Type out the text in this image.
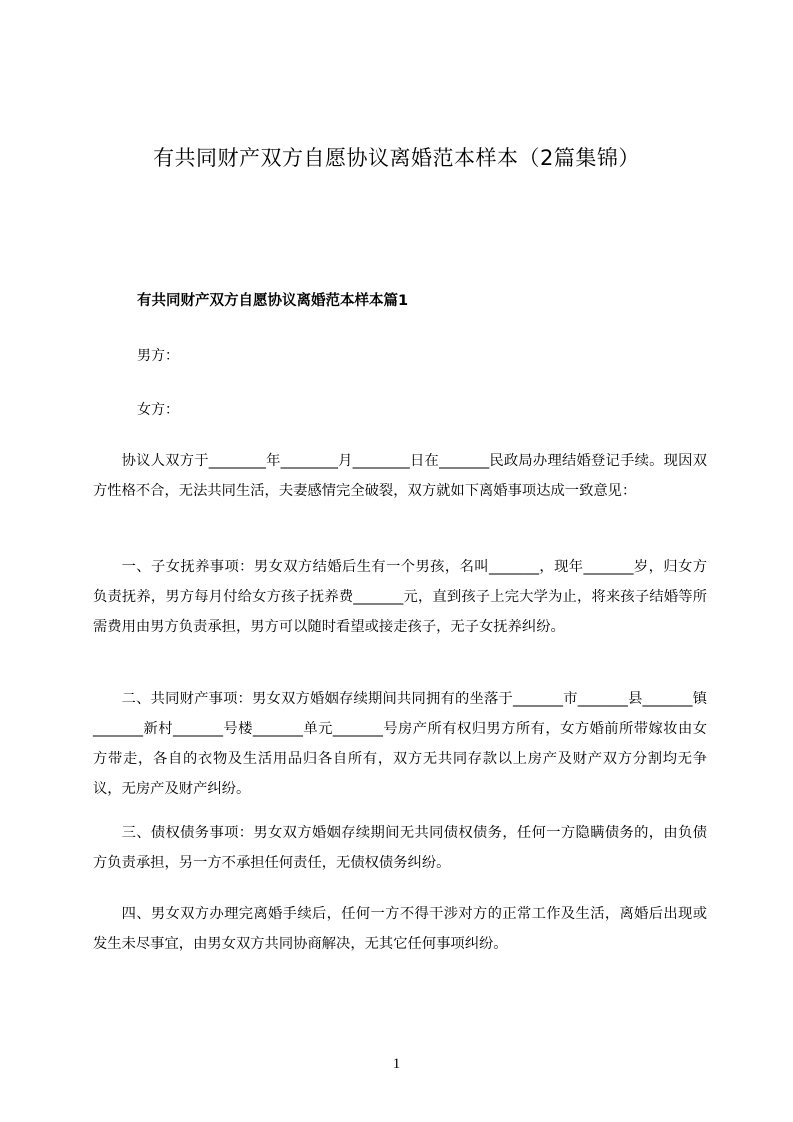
有共同财产双方自愿协议离婚范本样本（2篇集锦）
有共同财产双方自愿协议离婚范本样本篇1
男方：
女方：

协议人双方于________年________月________日在_______民政局办理结婚登记手续。现因双方性格不合，无法共同生活，夫妻感情完全破裂，双方就如下离婚事项达成一致意见：

一、子女抚养事项：男女双方结婚后生有一个男孩，名叫_______，现年_______岁，归女方负责抚养，男方每月付给女方孩子抚养费_______元，直到孩子上完大学为止，将来孩子结婚等所需费用由男方负责承担，男方可以随时看望或接走孩子，无子女抚养纠纷。

二、共同财产事项：男女双方婚姻存续期间共同拥有的坐落于_______市_______县_______镇_______新村_______号楼_______单元_______号房产所有权归男方所有，女方婚前所带嫁妆由女方带走，各自的衣物及生活用品归各自所有，双方无共同存款以上房产及财产双方分割均无争议，无房产及财产纠纷。

三、债权债务事项：男女双方婚姻存续期间无共同债权债务，任何一方隐瞒债务的，由负债方负责承担，另一方不承担任何责任，无债权债务纠纷。

四、男女双方办理完离婚手续后，任何一方不得干涉对方的正常工作及生活，离婚后出现或发生未尽事宜，由男女双方共同协商解决，无其它任何事项纠纷。

1
